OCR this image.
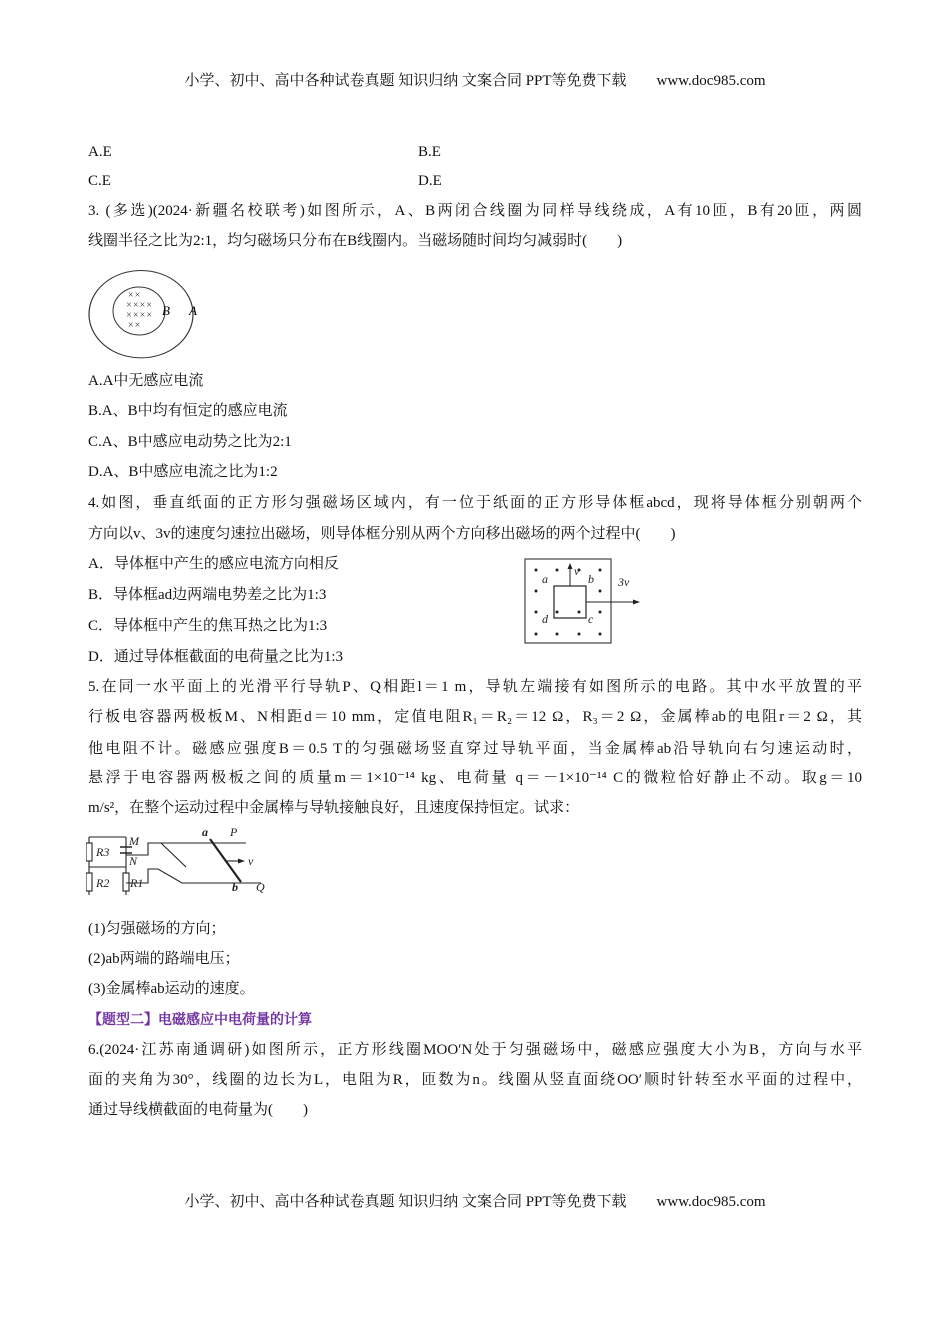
小学、初中、高中各种试卷真题 知识归纳 文案合同 PPT等免费下载　　www.doc985.com
A.E	B.E
C.E	D.E
3. (多选)(2024·新疆名校联考)如图所示，A、B两闭合线圈为同样导线绕成，A有10匝，B有20匝，两圆
线圈半径之比为2:1，均匀磁场只分布在B线圈内。当磁场随时间均匀减弱时(　　)
××
××××
××××
××
B A
A.A中无感应电流
B.A、B中均有恒定的感应电流
C.A、B中感应电动势之比为2:1
D.A、B中感应电流之比为1:2
4.如图，垂直纸面的正方形匀强磁场区域内，有一位于纸面的正方形导体框abcd，现将导体框分别朝两个
方向以v、3v的速度匀速拉出磁场，则导体框分别从两个方向移出磁场的两个过程中(　　)
A．导体框中产生的感应电流方向相反
B．导体框ad边两端电势差之比为1:3
C．导体框中产生的焦耳热之比为1:3
D．通过导体框截面的电荷量之比为1:3
a	b
c
d
v
3v
5.在同一水平面上的光滑平行导轨P、Q相距l＝1 m，导轨左端接有如图所示的电路。其中水平放置的平
行板电容器两极板M、N相距d＝10 mm，定值电阻R₁＝R₂＝12 Ω，R₃＝2 Ω，金属棒ab的电阻r＝2 Ω，其
他电阻不计。磁感应强度B＝0.5 T的匀强磁场竖直穿过导轨平面，当金属棒ab沿导轨向右匀速运动时，
悬浮于电容器两极板之间的质量m＝1×10⁻¹⁴ kg、电荷量 q＝－1×10⁻¹⁴ C的微粒恰好静止不动。取g＝10
m/s²，在整个运动过程中金属棒与导轨接触良好，且速度保持恒定。试求：
R3
M
N
R2 R1
a P
v
b Q
(1)匀强磁场的方向；
(2)ab两端的路端电压；
(3)金属棒ab运动的速度。
【题型二】电磁感应中电荷量的计算
6.(2024·江苏南通调研)如图所示，正方形线圈MOO′N处于匀强磁场中，磁感应强度大小为B，方向与水平
面的夹角为30°，线圈的边长为L，电阻为R，匝数为n。线圈从竖直面绕OO′顺时针转至水平面的过程中，
通过导线横截面的电荷量为(　　)
小学、初中、高中各种试卷真题 知识归纳 文案合同 PPT等免费下载　　www.doc985.com
